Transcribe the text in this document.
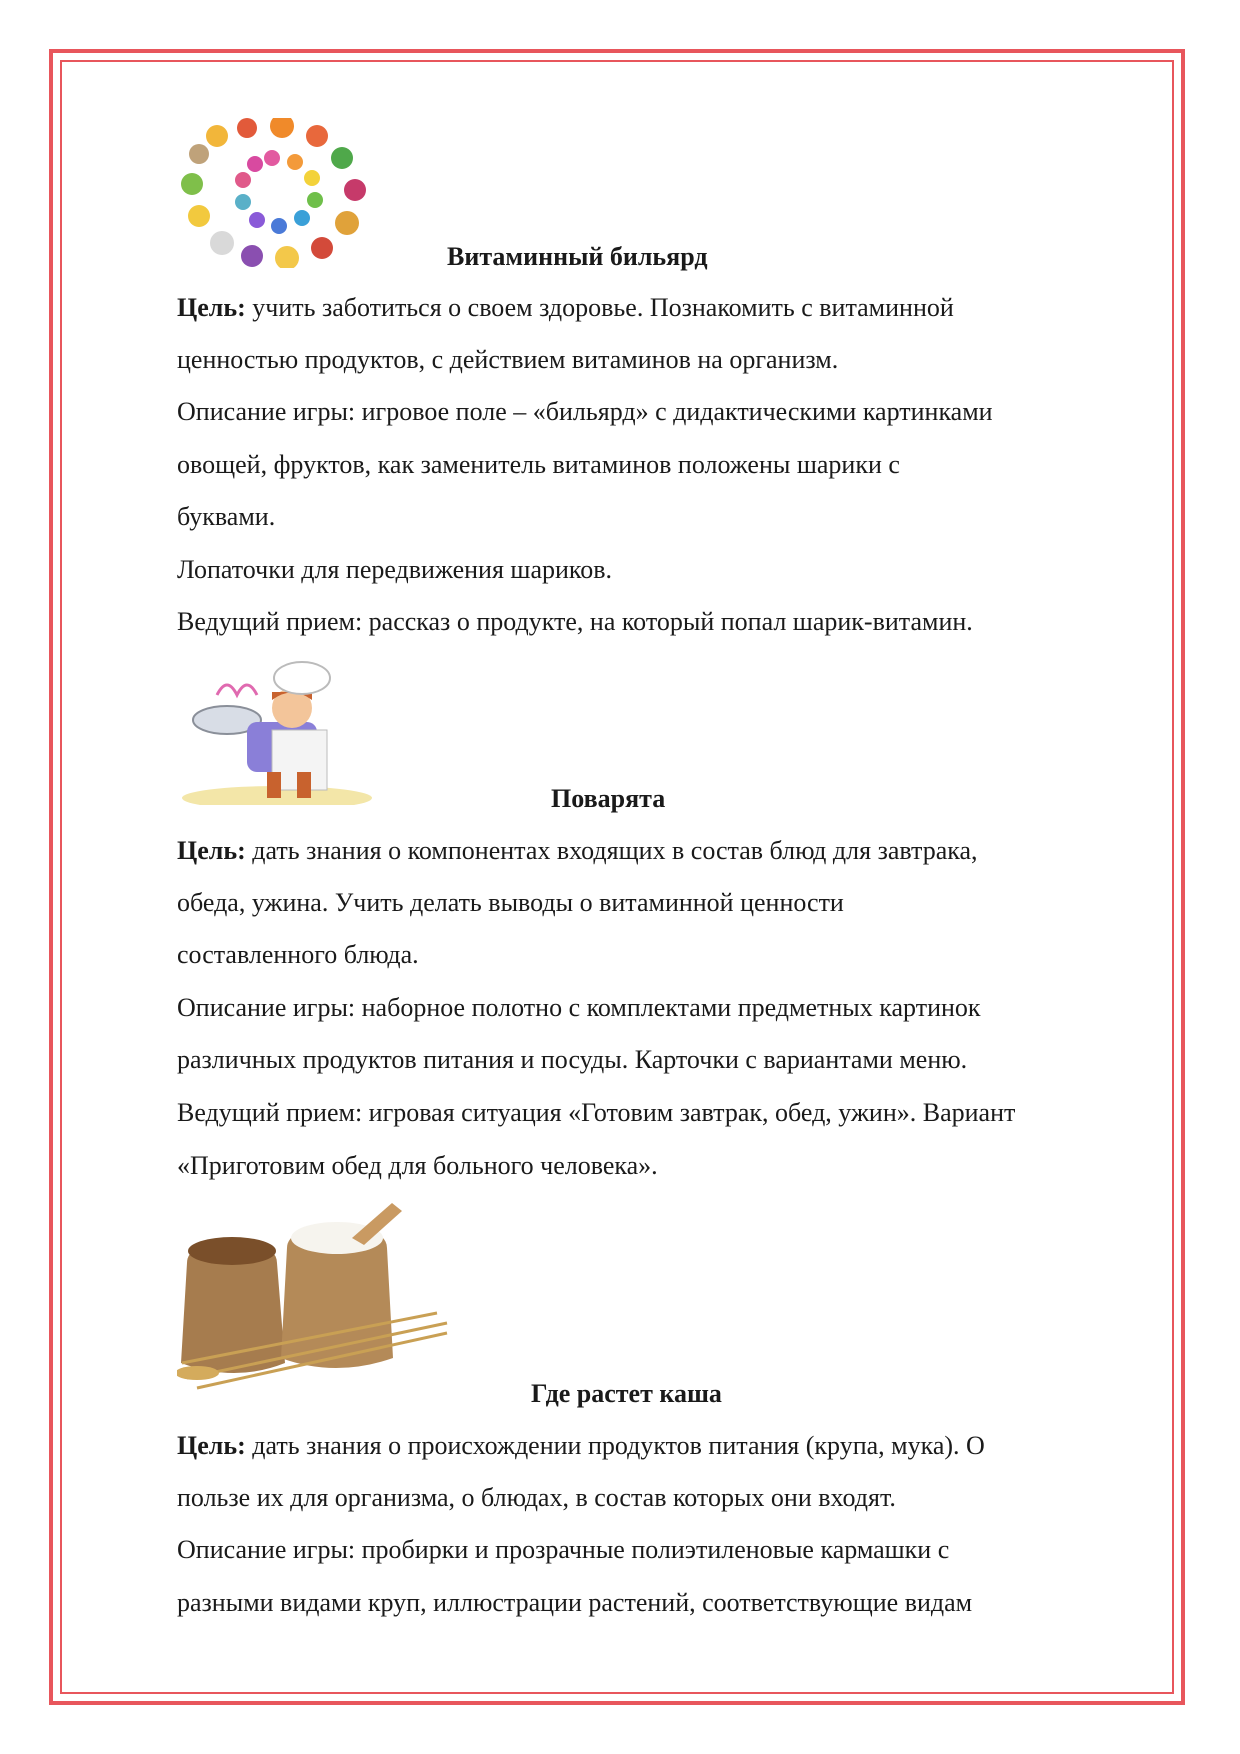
Витаминный бильярд
Цель: учить заботиться о своем здоровье. Познакомить с витаминной
ценностью продуктов, с действием витаминов на организм.
Описание игры: игровое поле – «бильярд» с дидактическими картинками
овощей, фруктов, как заменитель витаминов положены шарики с
буквами.
Лопаточки для передвижения шариков.
Ведущий прием: рассказ о продукте, на который попал шарик-витамин.
Поварята
Цель: дать знания о компонентах входящих в состав блюд для завтрака,
обеда, ужина. Учить делать выводы о витаминной ценности
составленного блюда.
Описание игры: наборное полотно с комплектами предметных картинок
различных продуктов питания и посуды. Карточки с вариантами меню.
Ведущий прием: игровая ситуация «Готовим завтрак, обед, ужин». Вариант
«Приготовим обед для больного человека».
Где растет каша
Цель: дать знания о происхождении продуктов питания (крупа, мука). О
пользе их для организма, о блюдах, в состав которых они входят.
Описание игры: пробирки и прозрачные полиэтиленовые кармашки с
разными видами круп, иллюстрации растений, соответствующие видам
